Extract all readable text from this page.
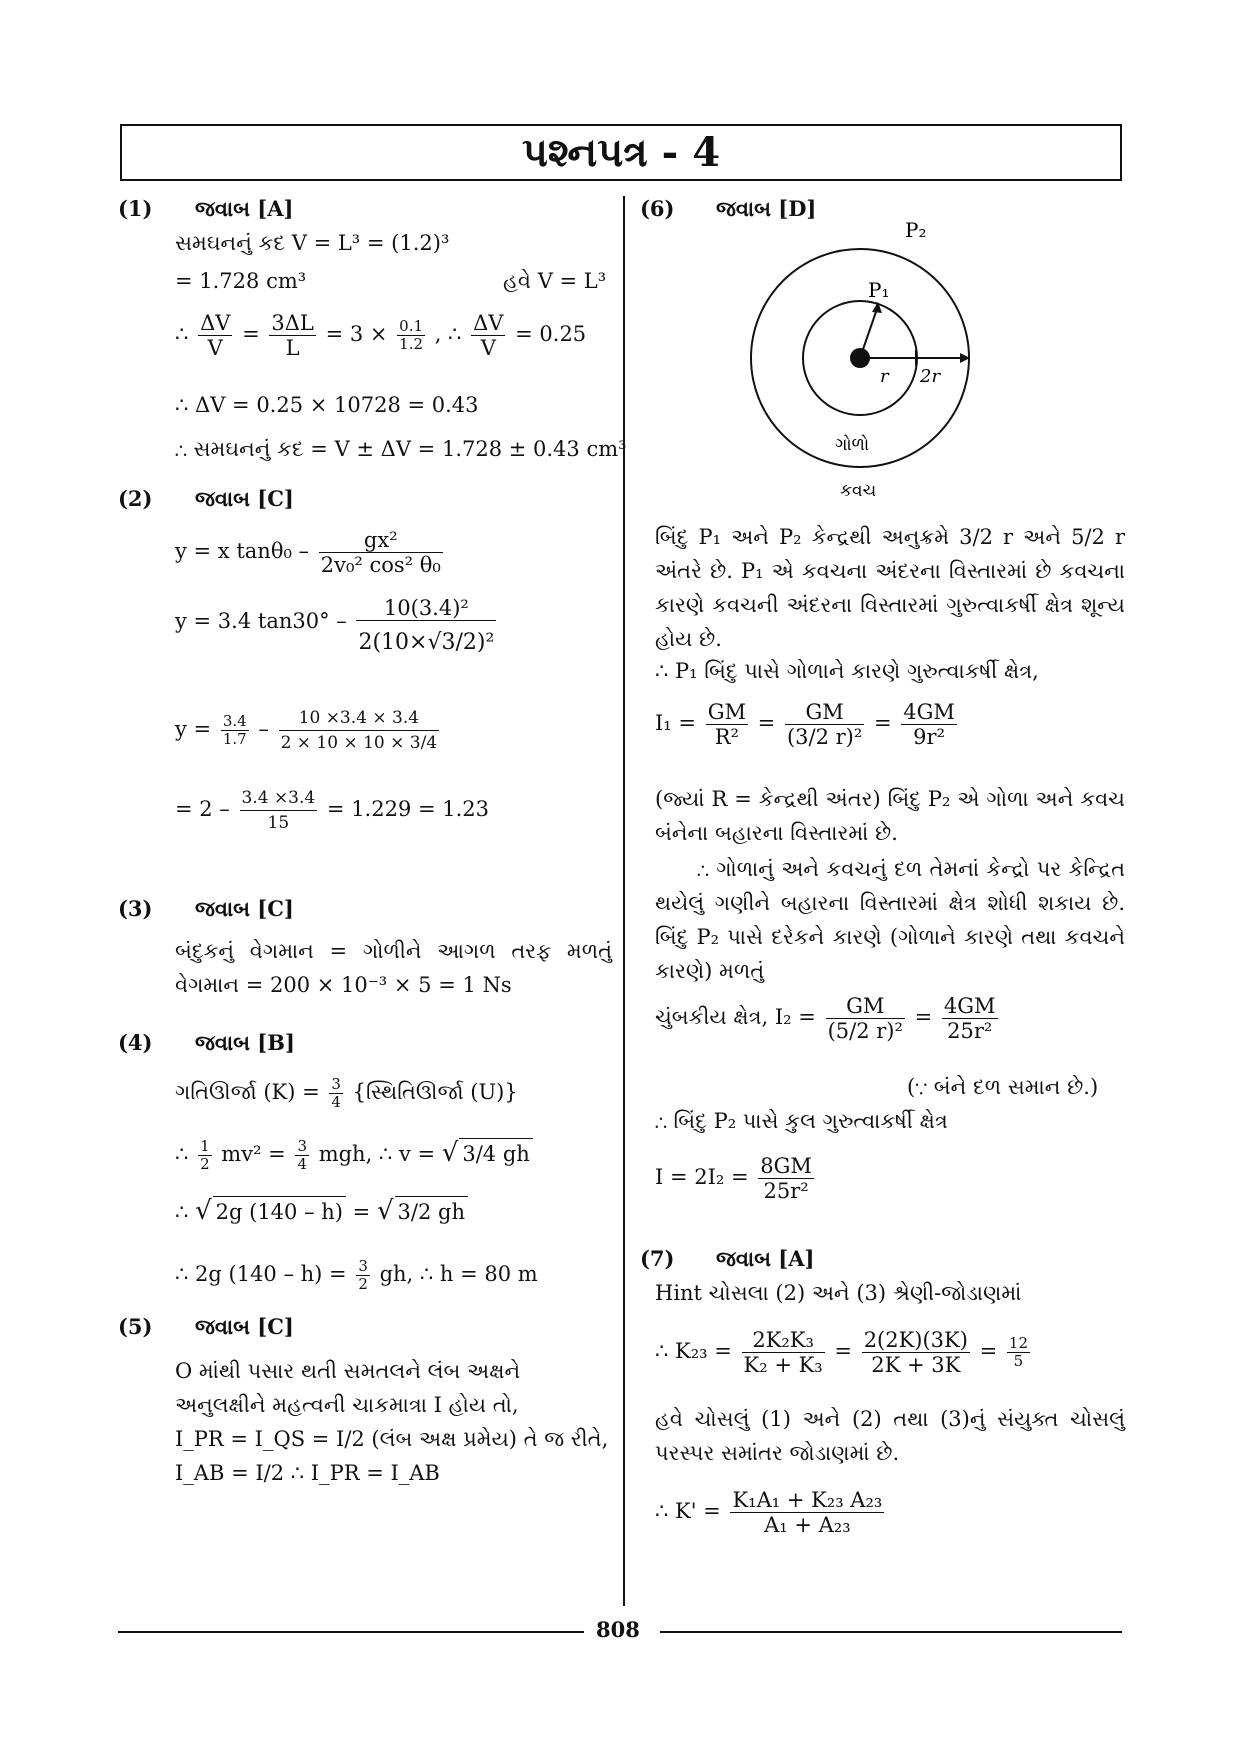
પશ્નપત્ર - 4
(1) જવાબ [A]
સમઘનનું કદ V = L³ = (1.2)³
= 1.728 cm³	હવે V = L³
∴ $\frac{\Delta V}{V} = \frac{3\Delta L}{L} = 3 \times \frac{0.1}{1.2}$ , ∴ $\frac{\Delta V}{V} = 0.25$
∴ ΔV = 0.25 × 10728 = 0.43
∴ સમઘનનું કદ = V ± ΔV = 1.728 ± 0.43 cm³
(2) જવાબ [C]
y = x $\tan\theta_0 - \frac{\text{gx²}}{\text{2v₀² cos² θ₀}}$
y = 3.4 $\tan 30^\circ - \frac{\text{10(3.4)²}}{\text{2(10×√3/2)²}}$
$y = \frac{3.4}{1.7} - \frac{10 \times 3.4 \times 3.4}{2 \times 10 \times 10 \times 3/4}$
= $2 - \frac{3.4 \times 3.4}{15} = 1.229 = 1.23$
(3) જવાબ [C]
બંદુકનું વેગમાન = ગોળીને આગળ તરફ મળતું વેગમાન = 200 × 10⁻³ × 5 = 1 Ns
(4) જવાબ [B]
ગતિઊર્જા $(K) = \frac{3}{4}$ {સ્થિતિઊર્જા (U)}
∴ $\frac{1}{2} mv^2 = \frac{3}{4}$ mgh, ∴ v = √ 3/4 gh
∴ √ 2g (140 – h) = √ 3/2 gh
∴ 2g $(140 - h) = \frac{3}{2}$ gh, ∴ h = 80 m
(5) જવાબ [C]
O માંથી પસાર થતી સમતલને લંબ અક્ષને
અનુલક્ષીને મહત્વની ચાકમાત્રા I હોય તો,
I_PR = I_QS = I/2 (લંબ અક્ષ પ્રમેય) તે જ રીતે,
I_AB = I/2 ∴ I_PR = I_AB
(6) જવાબ [D]
P₂
P₁
r 2r
ગોળો
કવચ
બિંદુ P₁ અને P₂ કેન્દ્રથી અનુક્રમે 3/2 r અને 5/2 r અંતરે છે. P₁ એ કવચના અંદરના વિસ્તારમાં છે કવચના કારણે કવચની અંદરના વિસ્તારમાં ગુરુત્વાકર્ષી ક્ષેત્ર શૂન્ય હોય છે.
∴ P₁ બિંદુ પાસે ગોળાને કારણે ગુરુત્વાકર્ષી ક્ષેત્ર,
$I_1 = \frac{GM}{\text{R²}} = \frac{GM}{\text{(3/2 r)²}} = \frac{4GM}{\text{9r²}}$
(જ્યાં R = કેન્દ્રથી અંતર) બિંદુ P₂ એ ગોળા અને કવચ બંનેના બહારના વિસ્તારમાં છે.
∴ ગોળાનું અને કવચનું દળ તેમનાં કેન્દ્રો પર કેન્દ્રિત થયેલું ગણીને બહારના વિસ્તારમાં ક્ષેત્ર શોધી શકાય છે. બિંદુ P₂ પાસે દરેકને કારણે (ગોળાને કારણે તથા કવચને કારણે) મળતું
ચુંબકીય ક્ષેત્ર, $I_2 = \frac{GM}{\text{(5/2 r)²}} = \frac{4GM}{\text{25r²}}$
(∵ બંને દળ સમાન છે.)
∴ બિંદુ P₂ પાસે કુલ ગુરુત્વાકર્ષી ક્ષેત્ર
$I = 2I_2 = \frac{8GM}{\text{25r²}}$
(7) જવાબ [A]
Hint ચોસલા (2) અને (3) શ્રેણી-જોડાણમાં
∴ $K_{23} = \frac{\text{2K₂K₃}}{\text{K₂ + K₃}} = \frac{2(2K)(3K)}{2K + 3K} = \frac{12}{5}$
હવે ચોસલું (1) અને (2) તથા (3)નું સંયુક્ત ચોસલું પરસ્પર સમાંતર જોડાણમાં છે.
∴ $K' = \frac{\text{K₁A₁ + K₂₃ A₂₃}}{\text{A₁ + A₂₃}}$
808
